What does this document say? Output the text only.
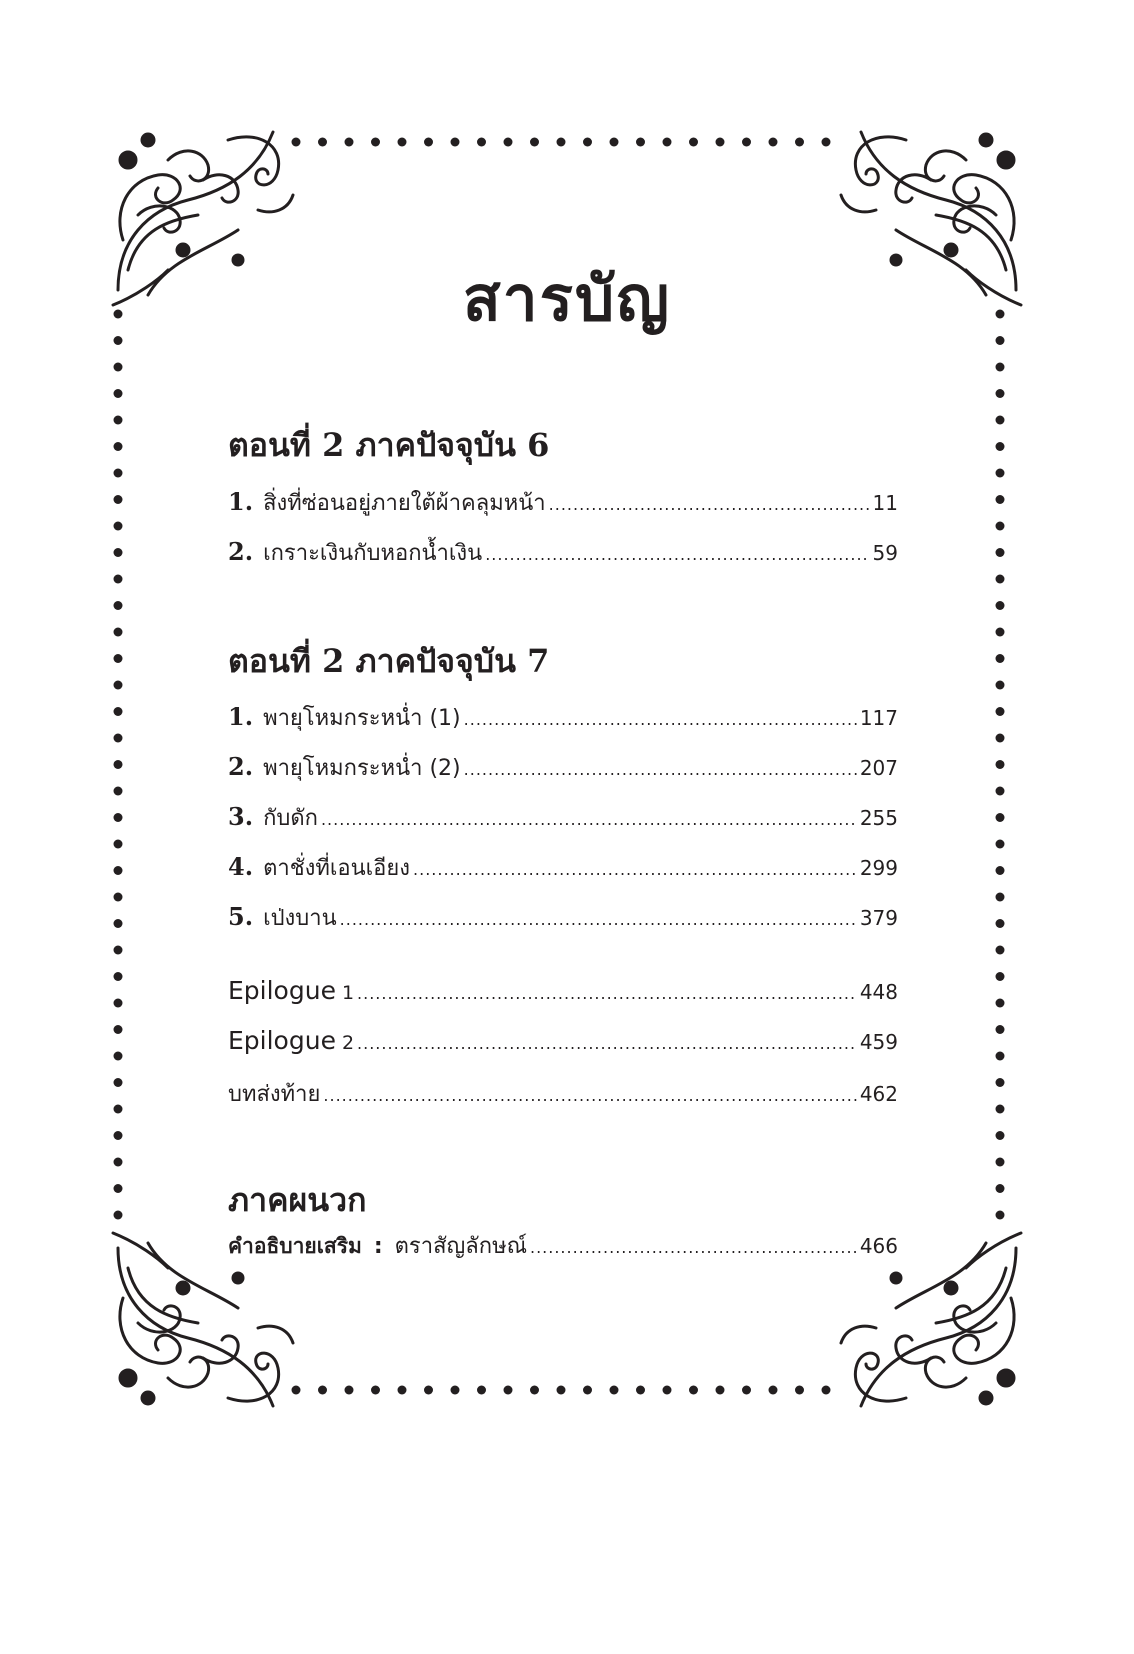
สารบัญ
ตอนที่ 2 ภาคปัจจุบัน 6
1. สิ่งที่ซ่อนอยู่ภายใต้ผ้าคลุมหน้า .....	11
2. เกราะเงินกับหอกน้ำเงิน .....	59
ตอนที่ 2 ภาคปัจจุบัน 7
1. พายุโหมกระหน่ำ (1) .....	117
2. พายุโหมกระหน่ำ (2) .....	207
3. กับดัก .....	255
4. ตาชั่งที่เอนเอียง .....	299
5. เป่งบาน .....	379
Epilogue 1 .....	448
Epilogue 2 .....	459
บทส่งท้าย .....	462
ภาคผนวก
คำอธิบายเสริม : ตราสัญลักษณ์ .....	466
